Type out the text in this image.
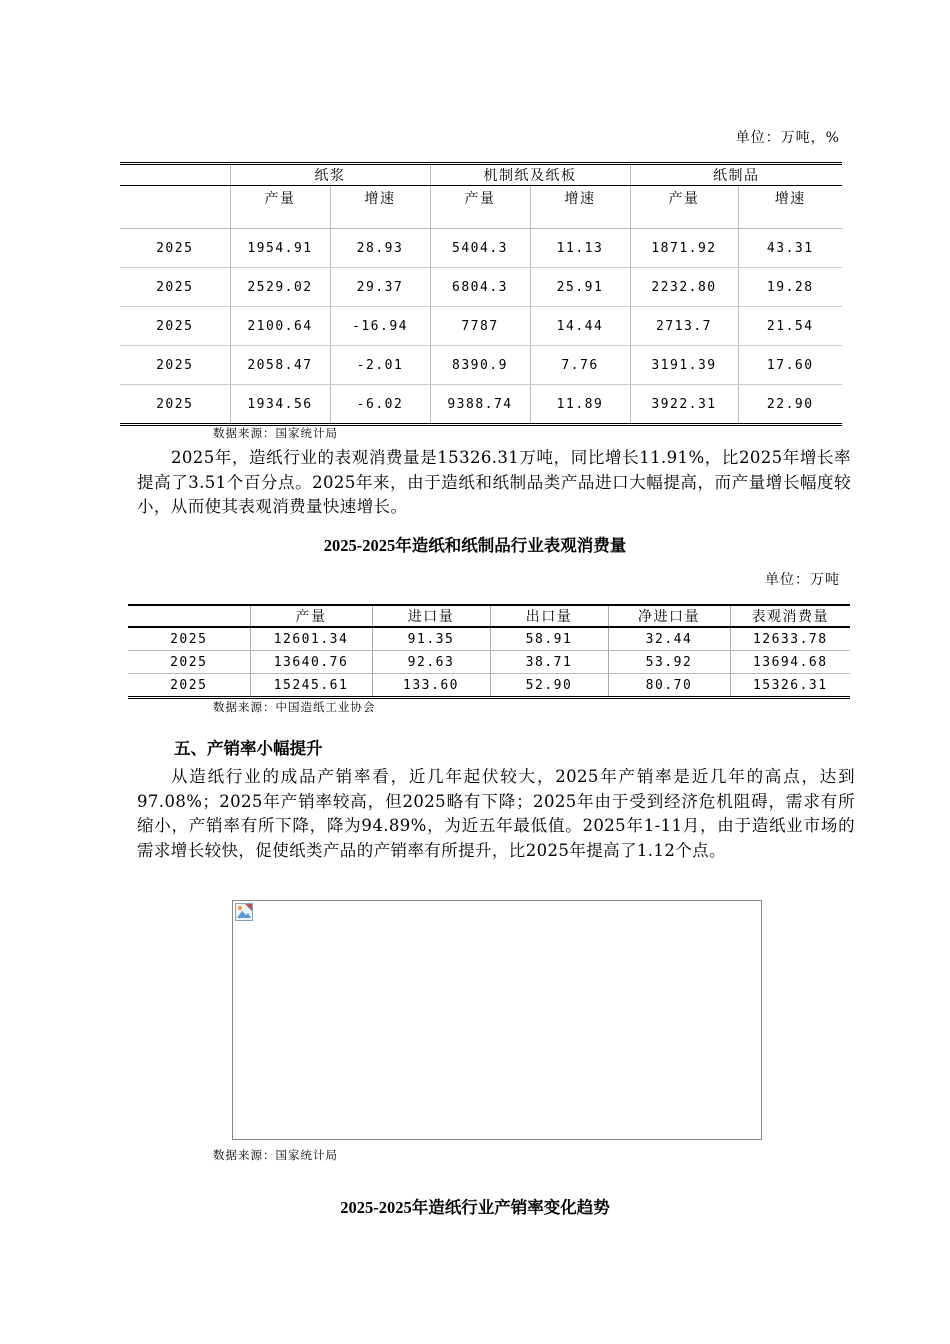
单位：万吨，%
	纸浆		机制纸及纸板		纸制品	
	产量	增速	产量	增速	产量	增速
2025	1954.91	28.93	5404.3	11.13	1871.92	43.31
2025	2529.02	29.37	6804.3	25.91	2232.80	19.28
2025	2100.64	-16.94	7787	14.44	2713.7	21.54
2025	2058.47	-2.01	8390.9	7.76	3191.39	17.60
2025	1934.56	-6.02	9388.74	11.89	3922.31	22.90
数据来源：国家统计局
2025年，造纸行业的表观消费量是15326.31万吨，同比增长11.91%，比2025年增长率提高了3.51个百分点。2025年来，由于造纸和纸制品类产品进口大幅提高，而产量增长幅度较小，从而使其表观消费量快速增长。
2025-2025年造纸和纸制品行业表观消费量
单位：万吨
	产量	进口量	出口量	净进口量	表观消费量
2025	12601.34	91.35	58.91	32.44	12633.78
2025	13640.76	92.63	38.71	53.92	13694.68
2025	15245.61	133.60	52.90	80.70	15326.31
数据来源：中国造纸工业协会
五、产销率小幅提升
从造纸行业的成品产销率看，近几年起伏较大，2025年产销率是近几年的高点，达到97.08%；2025年产销率较高，但2025略有下降；2025年由于受到经济危机阻碍，需求有所缩小，产销率有所下降，降为94.89%，为近五年最低值。2025年1-11月，由于造纸业市场的需求增长较快，促使纸类产品的产销率有所提升，比2025年提高了1.12个点。
数据来源：国家统计局
2025-2025年造纸行业产销率变化趋势
